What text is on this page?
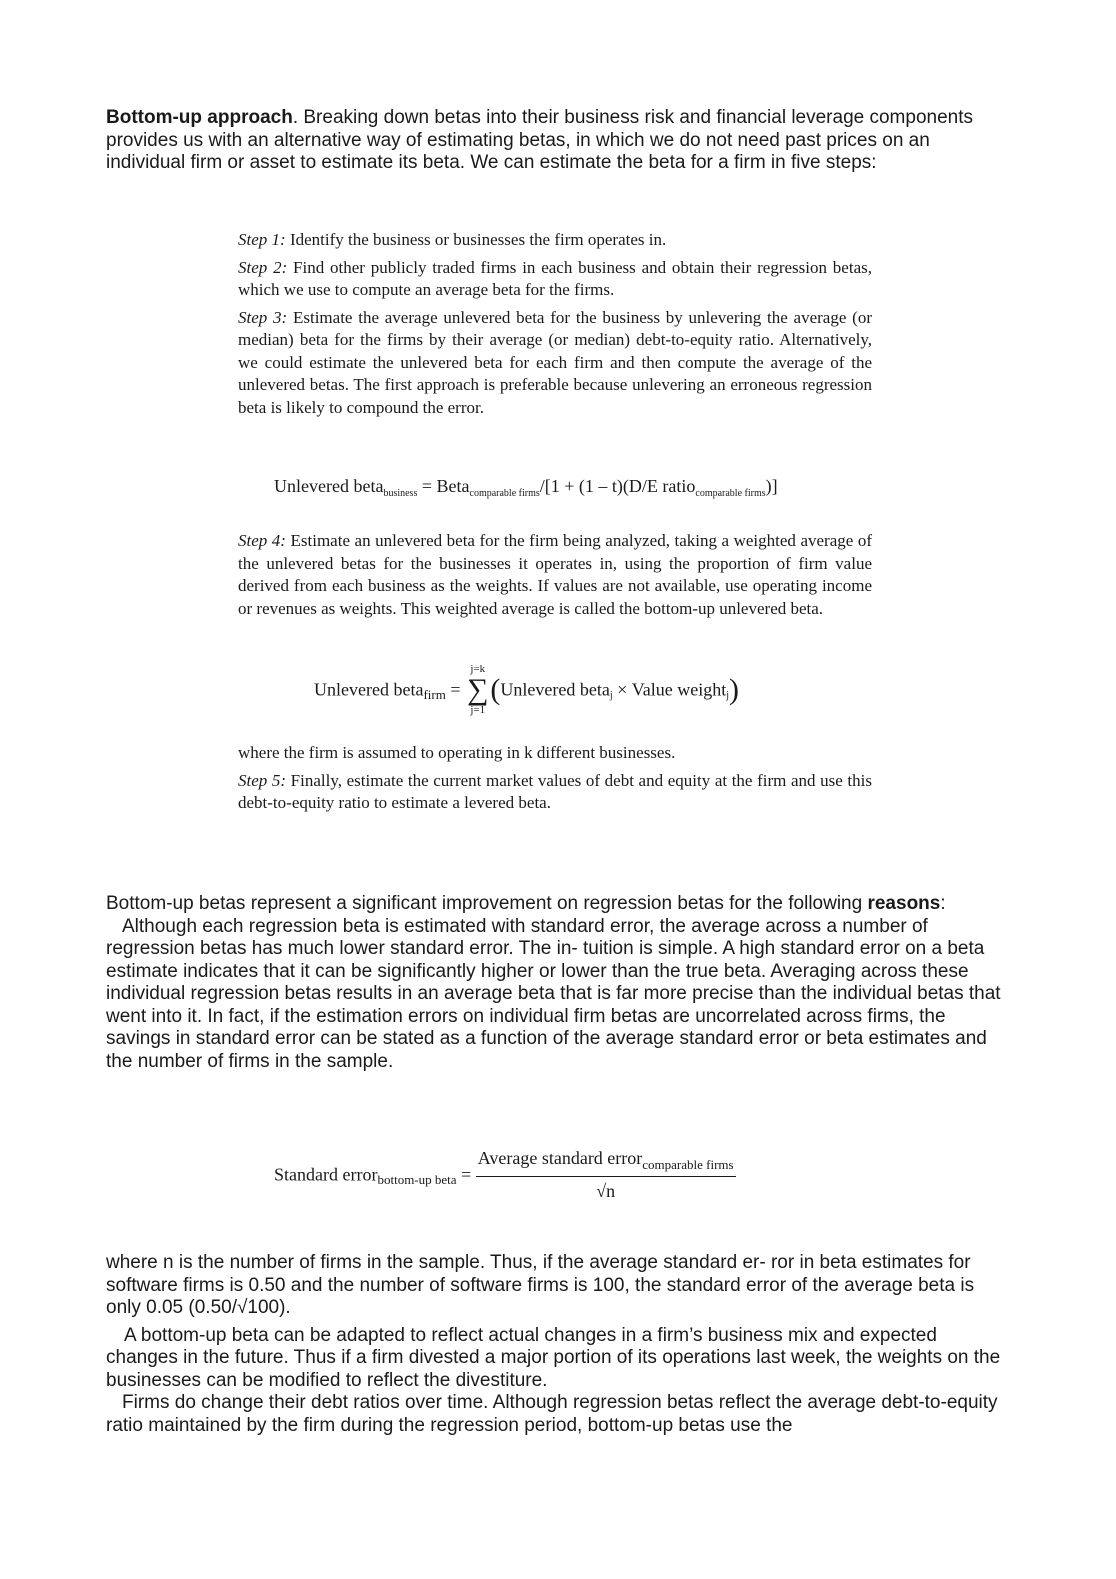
Bottom-up approach. Breaking down betas into their business risk and financial leverage components provides us with an alternative way of estimating betas, in which we do not need past prices on an individual firm or asset to estimate its beta. We can estimate the beta for a firm in five steps:

Step 1: Identify the business or businesses the firm operates in.

Step 2: Find other publicly traded firms in each business and obtain their regression betas, which we use to compute an average beta for the firms.

Step 3: Estimate the average unlevered beta for the business by unlevering the average (or median) beta for the firms by their average (or median) debt-to-equity ratio. Alternatively, we could estimate the unlevered beta for each firm and then compute the average of the unlevered betas. The first approach is preferable because unlevering an erroneous regression beta is likely to compound the error.

Unlevered beta$_{business}$ = Beta$_{comparable firms}$/[1 + (1 – t)(D/E ratio$_{comparable firms}$)]

Step 4: Estimate an unlevered beta for the firm being analyzed, taking a weighted average of the unlevered betas for the businesses it operates in, using the proportion of firm value derived from each business as the weights. If values are not available, use operating income or revenues as weights. This weighted average is called the bottom-up unlevered beta.

Unlevered beta$_{firm}$ =
j=k
∑
j=1
(Unlevered beta$_j$ × Value weight$_j$)

where the firm is assumed to operating in k different businesses.

Step 5: Finally, estimate the current market values of debt and equity at the firm and use this debt-to-equity ratio to estimate a levered beta.

Bottom-up betas represent a significant improvement on regression betas for the following reasons:

Although each regression beta is estimated with standard error, the average across a number of regression betas has much lower standard error. The in- tuition is simple. A high standard error on a beta estimate indicates that it can be significantly higher or lower than the true beta. Averaging across these individual regression betas results in an average beta that is far more precise than the individual betas that went into it. In fact, if the estimation errors on individual firm betas are uncorrelated across firms, the savings in standard error can be stated as a function of the average standard error or beta estimates and the number of firms in the sample.

Standard error$_{bottom-up beta}$ = $\frac{Average standard error_{comparable firms}}{√n}$

where n is the number of firms in the sample. Thus, if the average standard er- ror in beta estimates for software firms is 0.50 and the number of software firms is 100, the standard error of the average beta is only 0.05 (0.50/√100).

A bottom-up beta can be adapted to reflect actual changes in a firm’s business mix and expected changes in the future. Thus if a firm divested a major portion of its operations last week, the weights on the businesses can be modified to reflect the divestiture.

Firms do change their debt ratios over time. Although regression betas reflect the average debt-to-equity ratio maintained by the firm during the regression period, bottom-up betas use the
